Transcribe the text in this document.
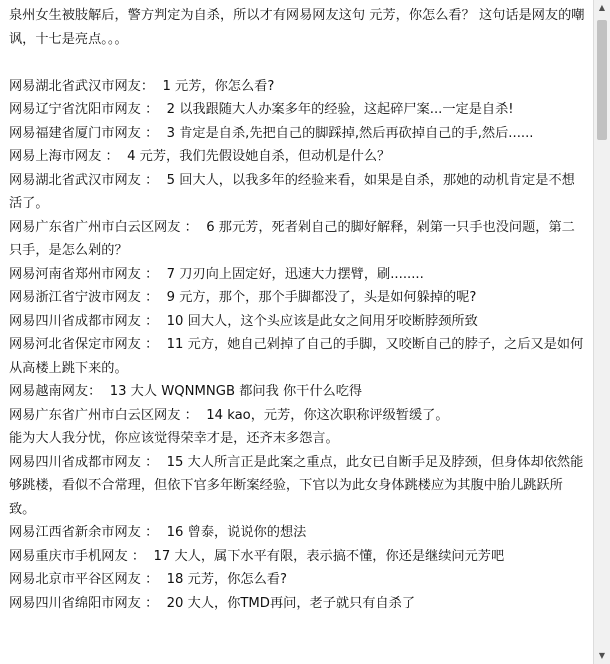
泉州女生被肢解后，警方判定为自杀，所以才有网易网友这句 元芳，你怎么看？ 这句话是网友的嘲讽，十七是亮点。。。

网易湖北省武汉市网友： 1 元芳，你怎么看?

网易辽宁省沈阳市网友 ： 2 以我跟随大人办案多年的经验，这起碎尸案...一定是自杀!

网易福建省厦门市网友 ： 3 肯定是自杀,先把自己的脚踩掉,然后再砍掉自己的手,然后......

网易上海市网友 ： 4 元芳，我们先假设她自杀，但动机是什么？

网易湖北省武汉市网友 ： 5 回大人，以我多年的经验来看，如果是自杀，那她的动机肯定是不想活了。

网易广东省广州市白云区网友 ： 6 那元芳，死者剁自己的脚好解释，剁第一只手也没问题，第二只手，是怎么剁的？

网易河南省郑州市网友 ： 7 刀刃向上固定好，迅速大力摆臂，刷........

网易浙江省宁波市网友 ： 9 元方，那个，那个手脚都没了，头是如何躲掉的呢?

网易四川省成都市网友 ： 10 回大人，这个头应该是此女之间用牙咬断脖颈所致

网易河北省保定市网友 ： 11 元方，她自己剁掉了自己的手脚，又咬断自己的脖子，之后又是如何从高楼上跳下来的。

网易越南网友： 13 大人 WQNMNGB 都问我 你干什么吃得

网易广东省广州市白云区网友 ： 14 kao，元芳，你这次职称评级暂缓了。

能为大人我分忧，你应该觉得荣幸才是，还齐末多怨言。

网易四川省成都市网友 ： 15 大人所言正是此案之重点，此女已自断手足及脖颈，但身体却依然能够跳楼，看似不合常理，但依下官多年断案经验，下官以为此女身体跳楼应为其腹中胎儿跳跃所致。

网易江西省新余市网友 ： 16 曾泰，说说你的想法

网易重庆市手机网友 ： 17 大人，属下水平有限，表示搞不懂，你还是继续问元芳吧

网易北京市平谷区网友 ： 18 元芳，你怎么看?

网易四川省绵阳市网友 ： 20 大人，你TMD再问，老子就只有自杀了

▲
▼
